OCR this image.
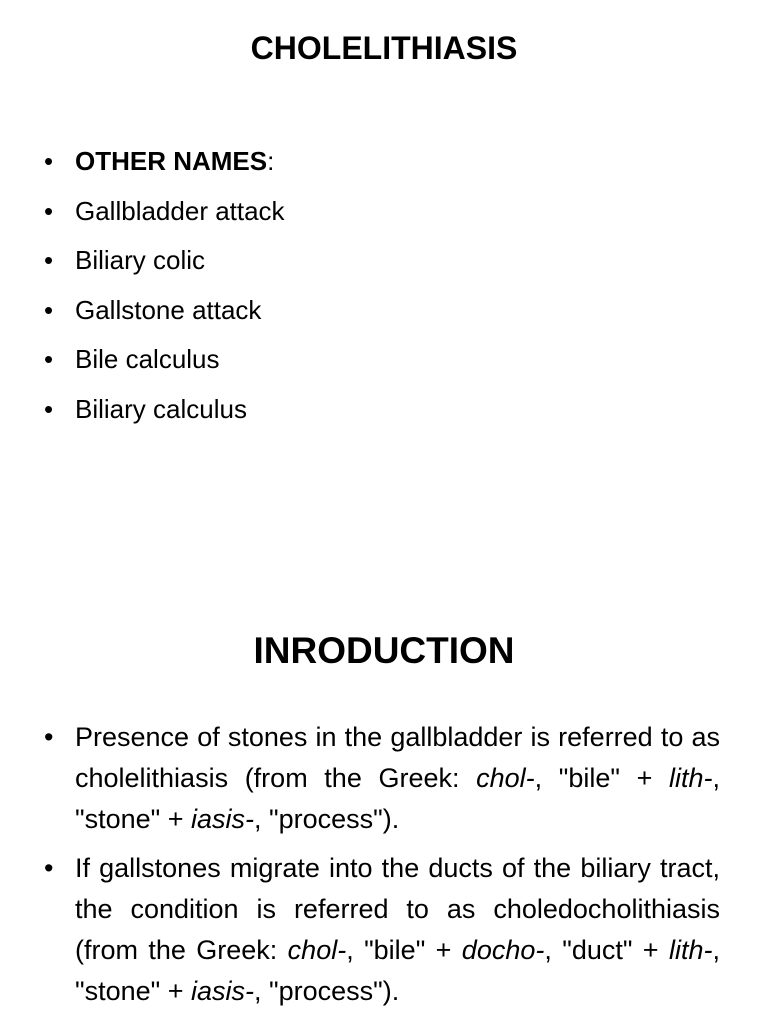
CHOLELITHIASIS
• OTHER NAMES:
• Gallbladder attack
• Biliary colic
• Gallstone attack
• Bile calculus
• Biliary calculus
INRODUCTION
• Presence of stones in the gallbladder is referred to as cholelithiasis (from the Greek: chol-, "bile" + lith-, "stone" + iasis-, "process").
• If gallstones migrate into the ducts of the biliary tract, the condition is referred to as choledocholithiasis (from the Greek: chol-, "bile" + docho-, "duct" + lith-, "stone" + iasis-, "process").
